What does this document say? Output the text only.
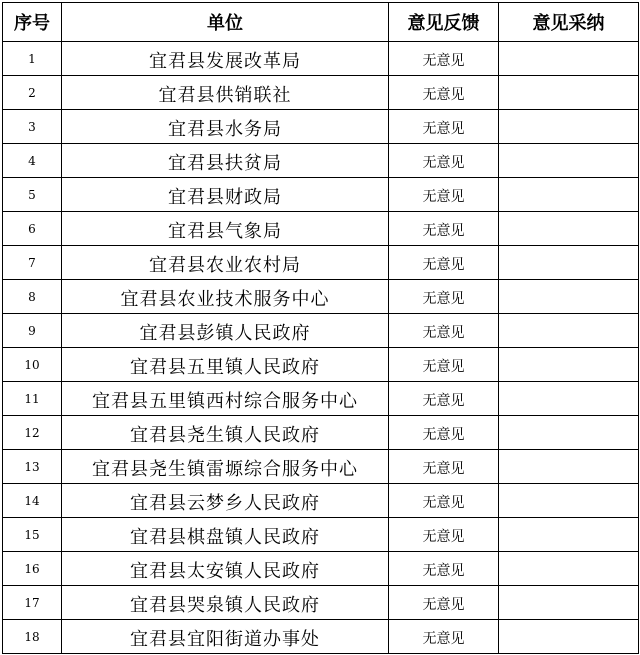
序号	单位	意见反馈	意见采纳
1	宜君县发展改革局	无意见	
2	宜君县供销联社	无意见	
3	宜君县水务局	无意见	
4	宜君县扶贫局	无意见	
5	宜君县财政局	无意见	
6	宜君县气象局	无意见	
7	宜君县农业农村局	无意见	
8	宜君县农业技术服务中心	无意见	
9	宜君县彭镇人民政府	无意见	
10	宜君县五里镇人民政府	无意见	
11	宜君县五里镇西村综合服务中心	无意见	
12	宜君县尧生镇人民政府	无意见	
13	宜君县尧生镇雷塬综合服务中心	无意见	
14	宜君县云梦乡人民政府	无意见	
15	宜君县棋盘镇人民政府	无意见	
16	宜君县太安镇人民政府	无意见	
17	宜君县哭泉镇人民政府	无意见	
18	宜君县宜阳街道办事处	无意见	
